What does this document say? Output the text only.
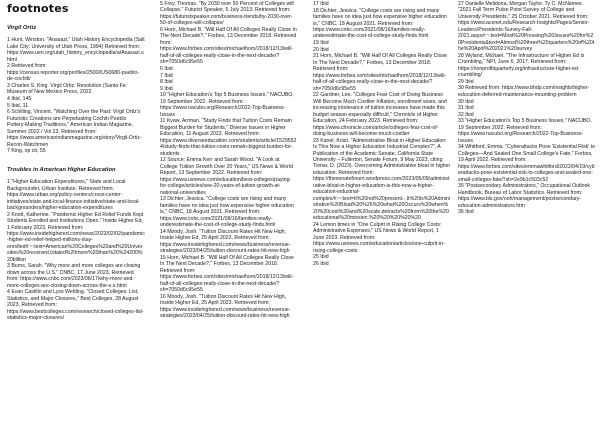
footnotes
Virgil Ortiz
1 Hunt, Winston. "Anasazi," Utah History Encyclopedia (Salt Lake City: University of Utah Press, 1994) Retrieved from: https://www.uen.org/utah_history_encyclopedia/a/Anasazi.shtml
2 Retrieved from: https://census.reporter.org/profiles/25000US0680-pueblo-de-cochiti/
3 Charles S. King. Virgil Ortiz: Revolution (Santa Fe: Museum of New Mexico Press, 2022
4 Ibid, 145
5 Ibid, 11
6 Schilling, Vincent. "Watching Over the Past: Virgil Ortiz's Futuristic Creations are Perpetuating Cochiti Pueblo Pottery-Making Traditions," American Indian Magazine, Summer 2022 / Vol 23. Retrieved from: https://www.americanindianmagazine.org/story/Virgil-Ortiz-Recon-Watchmen
7 King, op cit, 55
Troubles in American Higher Education
1 "Higher Education Expenditures," State and Local Backgrounder, Urban Institute. Retrieved from: https://www.urban.org/policy-centers/cross-center-initiatives/state-and-local-finance-initiative/state-and-local-backgrounders/higher-education-expenditures
2 Knott, Katherine. "Pandemic Higher Ed Relief Funds Kept Students Enrolled and Institutions Open," Inside Higher Ed, 1 February 2023. Retrieved from: https://www.insidehighered.com/news/2023/02/02/pandemic-higher-ed-relief-helped-millions-stay-enrolled#:~:text=American%20Colleges%20and%20Universities%20received,totaled%20more%20than%20%24200%20billion
3 Burns, Sarah. "Why more and more colleges are closing down across the U.S." CNBC, 17 June 2023. Retrieved from: https://www.cnbc.com/2023/06/17/why-more-and-more-colleges-are-closing-down-across-the-u.s.html
4 Evan Castillo and Lyss Welding. "Closed Colleges: List, Statistics, and Major Closures," Best Colleges, 28 August 2023. Retrieved from: https://www.bestcolleges.com/research/closed-colleges-list-statistics-major-closures/
5 Frey, Thomas. "By 2030 over 50 Percent of Colleges will Collapse," Futurist Speaker, 5 July 2013. Retrieved from: https://futuristspeaker.com/business-trends/by-2030-over-50-of-colleges-will-collapse/
6 Horn, Michael B. "Will Half Of All Colleges Really Close In The Next Decade?," Forbes, 13 December 2018. Retrieved from: https://www.forbes.com/sites/michaelhorn/2018/12/13/will-half-of-all-colleges-really-close-in-the-next-decade/?sh=7050d6c95e55
6 Ibid
7 Ibid
8 Ibid
9 Ibid
10 "Higher Education's Top 5 Business Issues," NACUBO, 19 September 2022. Retrieved from: https://www.nacubo.org/Research/2022-Top-Business-Issues
11 Kyaw, Arrman. "Study Finds that Tuition Costs Remain Biggest Burden for Students," Diverse Issues in Higher Education, 11 August 2022. Retrieved from: https://www.diverseeducation.com/students/article/15295524/study-finds-that-tuition-costs-remain-biggest-burden-for-students
12 Source: Emma Kerr and Sarah Wood. "A Look at College Tuition Growth Over 20 Years," US News & World Report, 13 September 2022. Retrieved from: https://www.usnews.com/education/best-colleges/paying-for-college/articles/see-20-years-of-tuition-growth-at-national-universities
13 Dichter, Jessica. "College costs are rising and many families have no idea just how expensive higher education is," CNBC, 18 August 2021. Retrieved from: https://www.cnbc.com/2021/08/16/families-really-underestimate-the-cost-of-college-study-finds.html
14 Moody, Josh. "Tuition Discount Rates Hit New High, Inside Higher Ed, 25 April 2023. Retrieved from: https://www.insidehighered.com/news/business/revenue-strategies/2023/04/25/tuition-discount-rates-hit-new-high
15 Horn, Michael B. "Will Half Of All Colleges Really Close In The Next Decade?," Forbes, 13 December 2018. Retrieved from: https://www.forbes.com/sites/michaelhorn/2018/12/13/will-half-of-all-colleges-really-close-in-the-next-decade/?sh=7050d6c95e55
16 Moody, Josh. "Tuition Discount Rates Hit New High, Inside Higher Ed, 25 April 2023. Retrieved from: https://www.insidehighered.com/news/business/revenue-strategies/2023/04/25/tuition-discount-rates-hit-new-high
17 Ibid
18 Dichter, Jessica. "College costs are rising and many families have no idea just how expensive higher education is," CNBC, 18 August 2021. Retrieved from: https://www.cnbc.com/2021/08/16/families-really-underestimate-the-cost-of-college-study-finds.html
19 Ibid
20 Ibid
21 Horn, Michael B. "Will Half Of All Colleges Really Close In The Next Decade?," Forbes, 13 December 2018. Retrieved from: https://www.forbes.com/sites/michaelhorn/2018/12/13/will-half-of-all-colleges-really-close-in-the-next-decade/?sh=7050d6c95e55
22 Gardner, Lee. "Colleges Fear Cost of Doing Business Will Become Much Costlier Inflation, enrollment woes, and increasing intolerance of tuition increases have made this budget season especially difficult," Chronicle of Higher Education, 24 February 2023. Retrieved from: https://www.chronicle.com/article/colleges-fear-cost-of-doing-business-will-become-much-costlier
23 Kanel, Kristi. "Administrative Bloat in Higher Education: Is This Now a Higher Education Industrial Complex?", A Publication of the Academic Senate, California State University – Fullerton, Senate Forum, 9 May 2023, citing Tomar, D. (2023). Overcoming Administrative bloat in higher education. Retrieved from: https://thesenateforum.wordpress.com/2023/05/09/administrative-bloat-in-higher-education-is-this-now-a-higher-education-industrial-complex/#:~:text=It%20not%20present.-,It%20is%20Administrative%20Bloat%20%26%20what%20Occurs%20when%20%20cost%20and%20scale,detracts%20from%20the%20educational%20mission.%20%20%20%20%20
24 Lemon times in "One Culprit in Rising College Costs: Administrative Expenses," US News & World Report, 1 June 2023. Retrieved from: https://www.usnews.com/education/articles/one-culprit-in-rising-college-costs
25 Ibid
26 Ibid
27 Danielle Melidona, Morgan Taylor, Ty C. McNamee. "2021 Fall Term Pulse Point Survey of College and University Presidents," 25 October 2021. Retrieved from: https://www.acenet.edu/Research-Insights/Pages/Senior-Leaders/Presidents-Survey-Fall-2021.aspx#:~:text=Most%20Pressing%20Issues%20for%20Presidents&text=Almost%20three%20quarters%20of%20the%20April%202021%20survey
28 Wyland, Michael. "The Infrastructure of Higher Ed is Crumbling," NPI, June 6, 2017. Retrieved from: https://nonprofitquarterly.org/infrastructure-higher-ed-crumbling/
29 Ibid
30 Retrieved from: https://www.bhdp.com/insights/higher-education-deferred-maintenance-mounting-problem
30 Ibid
31 Ibid
32 Ibid
33 "Higher Education's Top 5 Business Issues," NACUBO, 19 September 2022. Retrieved from: https://www.nacubo.org/Research/2022-Top-Business-Issues
34 Whitford, Emma. "Cyberattacks Pose 'Existential Risk' to Colleges—And Sealed One Small College's Fate," Forbes, 19 April 2022. Retrieved from: https://www.forbes.com/sites/emmawhitford/2022/04/19/cyberattacks-pose-existential-risk-to-colleges-and-sealed-one-small-colleges-fate/?sh=2e9b1c503c52
35 "Postsecondary Administrators," Occupational Outlook Handbook, Bureau of Labor Statistics. Retrieved from: https://www.bls.gov/ooh/management/postsecondary-education-administrators.htm
36 Ibid
